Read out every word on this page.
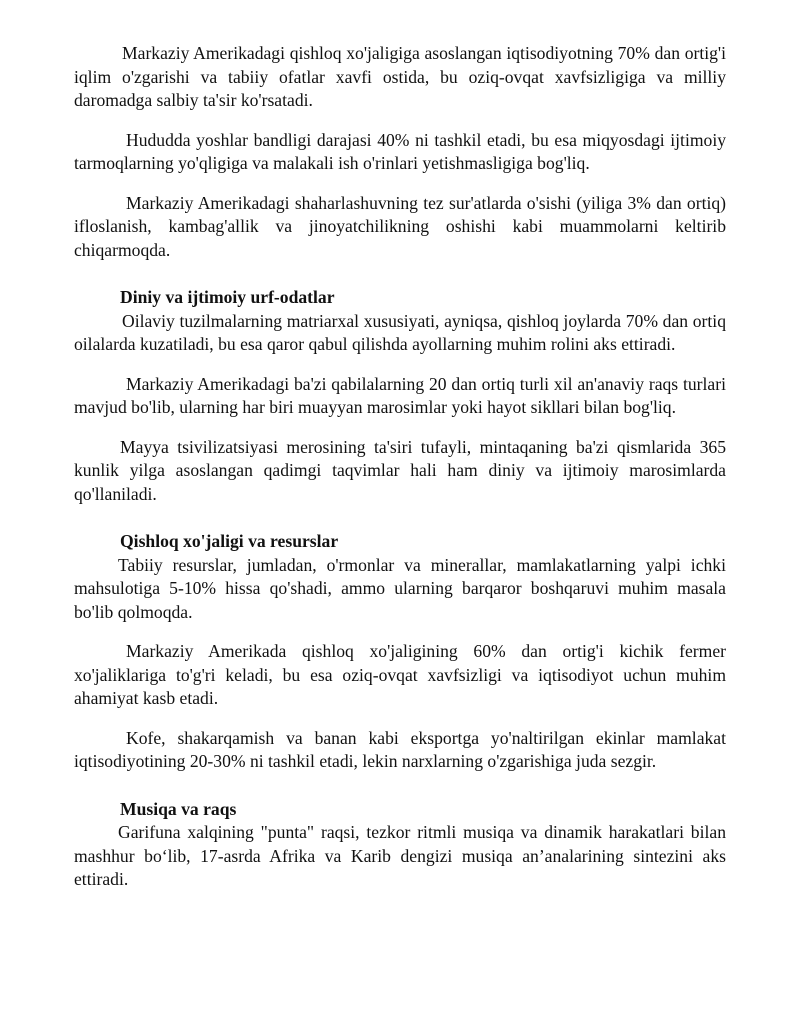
Markaziy Amerikadagi qishloq xo'jaligiga asoslangan iqtisodiyotning 70% dan ortig'i iqlim o'zgarishi va tabiiy ofatlar xavfi ostida, bu oziq-ovqat xavfsizligiga va milliy daromadga salbiy ta'sir ko'rsatadi.

Hududda yoshlar bandligi darajasi 40% ni tashkil etadi, bu esa miqyosdagi ijtimoiy tarmoqlarning yo'qligiga va malakali ish o'rinlari yetishmasligiga bog'liq.

Markaziy Amerikadagi shaharlashuvning tez sur'atlarda o'sishi (yiliga 3% dan ortiq) ifloslanish, kambag'allik va jinoyatchilikning oshishi kabi muammolarni keltirib chiqarmoqda.

Diniy va ijtimoiy urf-odatlar

Oilaviy tuzilmalarning matriarxal xususiyati, ayniqsa, qishloq joylarda 70% dan ortiq oilalarda kuzatiladi, bu esa qaror qabul qilishda ayollarning muhim rolini aks ettiradi.

Markaziy Amerikadagi ba'zi qabilalarning 20 dan ortiq turli xil an'anaviy raqs turlari mavjud bo'lib, ularning har biri muayyan marosimlar yoki hayot sikllari bilan bog'liq.

Mayya tsivilizatsiyasi merosining ta'siri tufayli, mintaqaning ba'zi qismlarida 365 kunlik yilga asoslangan qadimgi taqvimlar hali ham diniy va ijtimoiy marosimlarda qo'llaniladi.

Qishloq xo'jaligi va resurslar

Tabiiy resurslar, jumladan, o'rmonlar va minerallar, mamlakatlarning yalpi ichki mahsulotiga 5-10% hissa qo'shadi, ammo ularning barqaror boshqaruvi muhim masala bo'lib qolmoqda.

Markaziy Amerikada qishloq xo'jaligining 60% dan ortig'i kichik fermer xo'jaliklariga to'g'ri keladi, bu esa oziq-ovqat xavfsizligi va iqtisodiyot uchun muhim ahamiyat kasb etadi.

Kofe, shakarqamish va banan kabi eksportga yo'naltirilgan ekinlar mamlakat iqtisodiyotining 20-30% ni tashkil etadi, lekin narxlarning o'zgarishiga juda sezgir.

Musiqa va raqs

Garifuna xalqining "punta" raqsi, tezkor ritmli musiqa va dinamik harakatlari bilan mashhur bo‘lib, 17-asrda Afrika va Karib dengizi musiqa an’analarining sintezini aks ettiradi.
